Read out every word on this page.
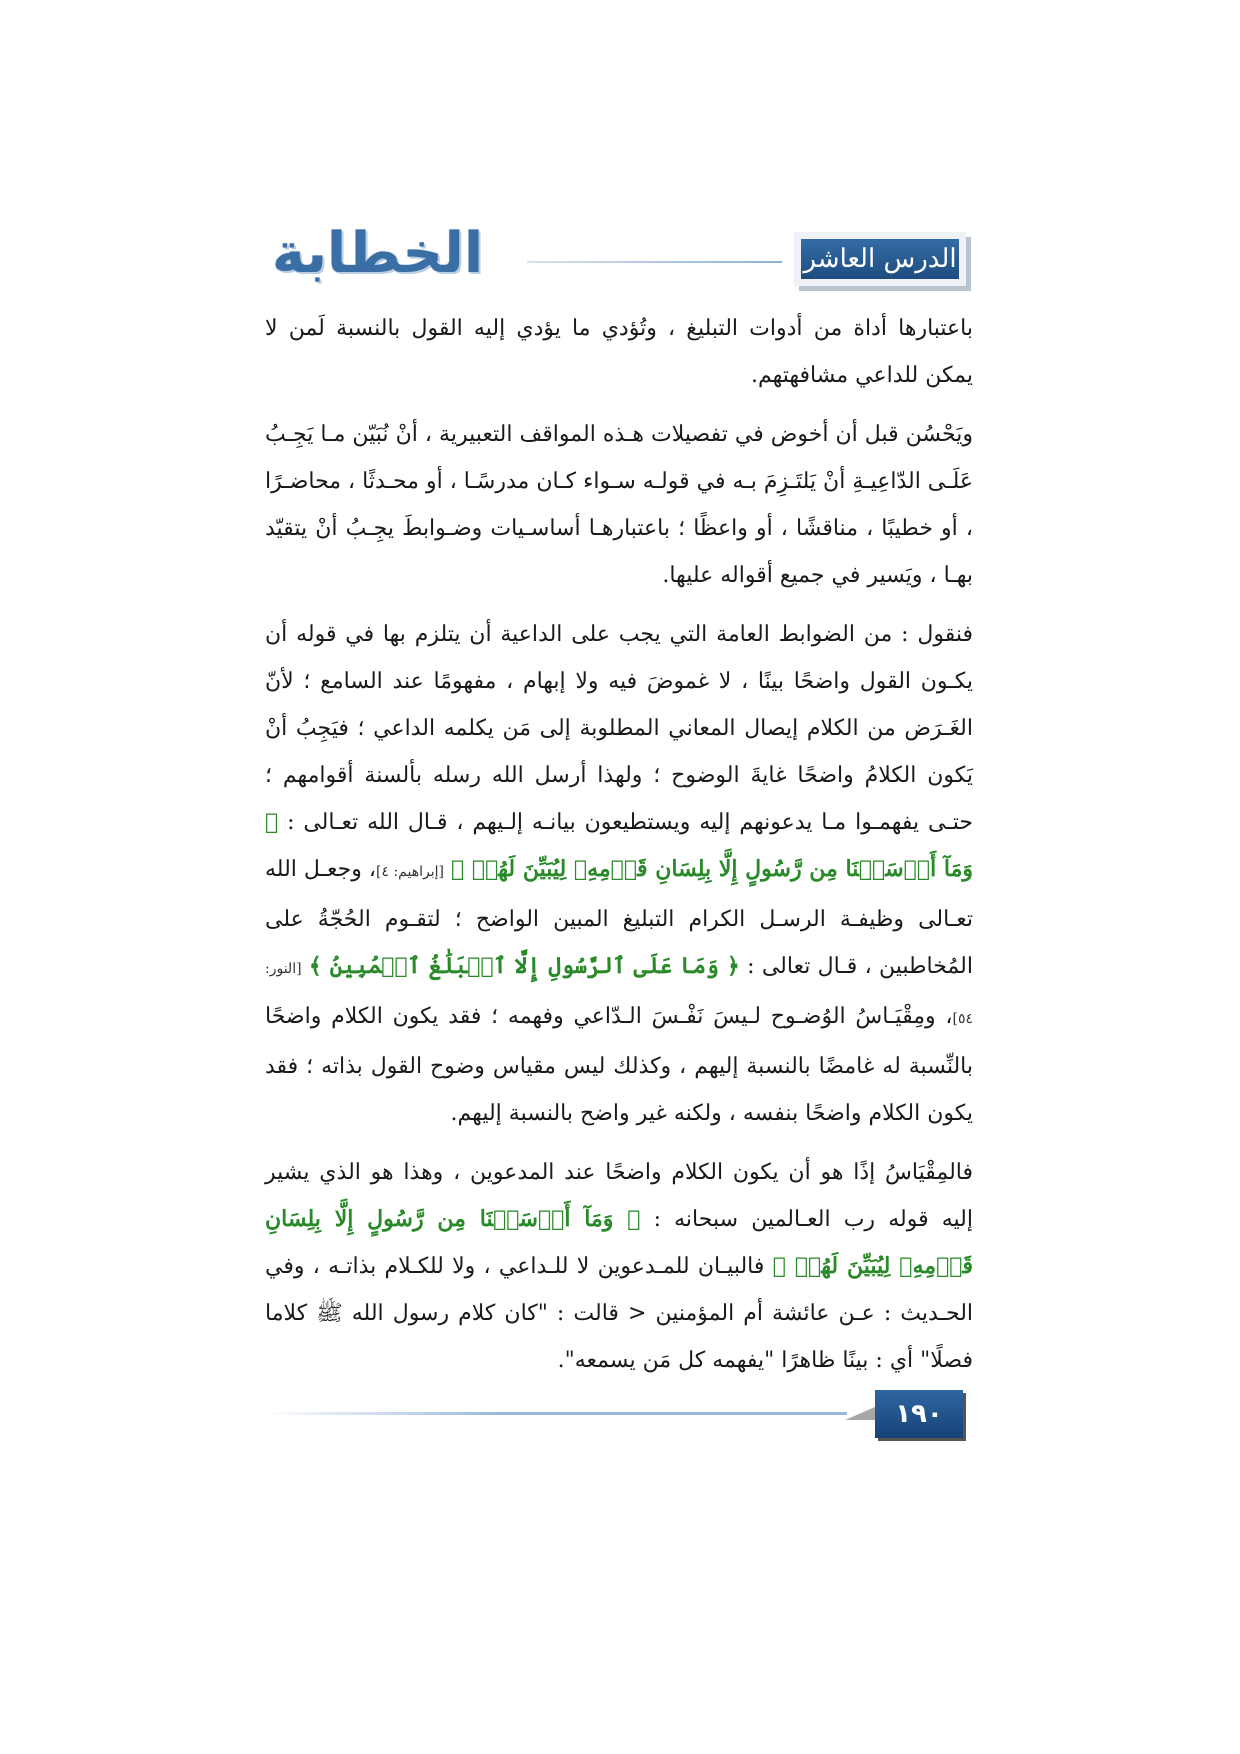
الخطابة	الدرس العاشر

باعتبارها أداة من أدوات التبليغ ، وتُؤدي ما يؤدي إليه القول بالنسبة لَمن لا يمكن للداعي مشافهتهم.

ويَحْسُن قبل أن أخوض في تفصيلات هـذه المواقف التعبيرية ، أنْ نُبَيّن مـا يَجِـبُ عَلَـى الدّاعِيـةِ أنْ يَلتَـزِمَ بـه في قولـه سـواء كـان مدرسًـا ، أو محـدثًا ، محاضـرًا ، أو خطيبًا ، مناقشًا ، أو واعظًا ؛ باعتبارهـا أساسـيات وضـوابطَ يجِـبُ أنْ يتقيّد بهـا ، ويَسير في جميع أقواله عليها.

فنقول : من الضوابط العامة التي يجب على الداعية أن يتلزم بها في قوله أن يكـون القول واضحًا بينًا ، لا غموضَ فيه ولا إبهام ، مفهومًا عند السامع ؛ لأنّ الغَـرَض من الكلام إيصال المعاني المطلوبة إلى مَن يكلمه الداعي ؛ فيَجِبُ أنْ يَكون الكلامُ واضحًا غايةَ الوضوح ؛ ولهذا أرسل الله رسله بألسنة أقوامهم ؛ حتـى يفهمـوا مـا يدعونهم إليه ويستطيعون بيانـه إلـيهم ، قـال الله تعـالى : ﴿ وَمَآ أَرۡسَلۡنَا مِن رَّسُولٍ إِلَّا بِلِسَانِ قَوۡمِهِۦ لِيُبَيِّنَ لَهُمۡ ﴾ [إبراهيم: ٤]، وجعـل الله تعـالى وظيفـة الرسـل الكرام التبليغ المبين الواضح ؛ لتقـوم الحُجّةُ على المُخاطبين ، قـال تعالى : ﴿ وَمَا عَلَى ٱلرَّسُولِ إِلَّا ٱلۡبَلَٰغُ ٱلۡمُبِينُ ﴾ [النور: ٥٤]، ومِقْيَـاسُ الوُضـوح لـيسَ نَفْـسَ الـدّاعي وفهمه ؛ فقد يكون الكلام واضحًا بالنِّسبة له غامضًا بالنسبة إليهم ، وكذلك ليس مقياس وضوح القول بذاته ؛ فقد يكون الكلام واضحًا بنفسه ، ولكنه غير واضح بالنسبة إليهم.

فالمِقْيَاسُ إذًا هو أن يكون الكلام واضحًا عند المدعوين ، وهذا هو الذي يشير إليه قوله رب العـالمين سبحانه : ﴿ وَمَآ أَرۡسَلۡنَا مِن رَّسُولٍ إِلَّا بِلِسَانِ قَوۡمِهِۦ لِيُبَيِّنَ لَهُمۡ ﴾ فالبيـان للمـدعوين لا للـداعي ، ولا للكـلام بذاتـه ، وفي الحـديث : عـن عائشة أم المؤمنين < قالت : "كان كلام رسول الله ﷺ كلاما فصلًا" أي : بينًا ظاهرًا "يفهمه كل مَن يسمعه".

١٩٠
